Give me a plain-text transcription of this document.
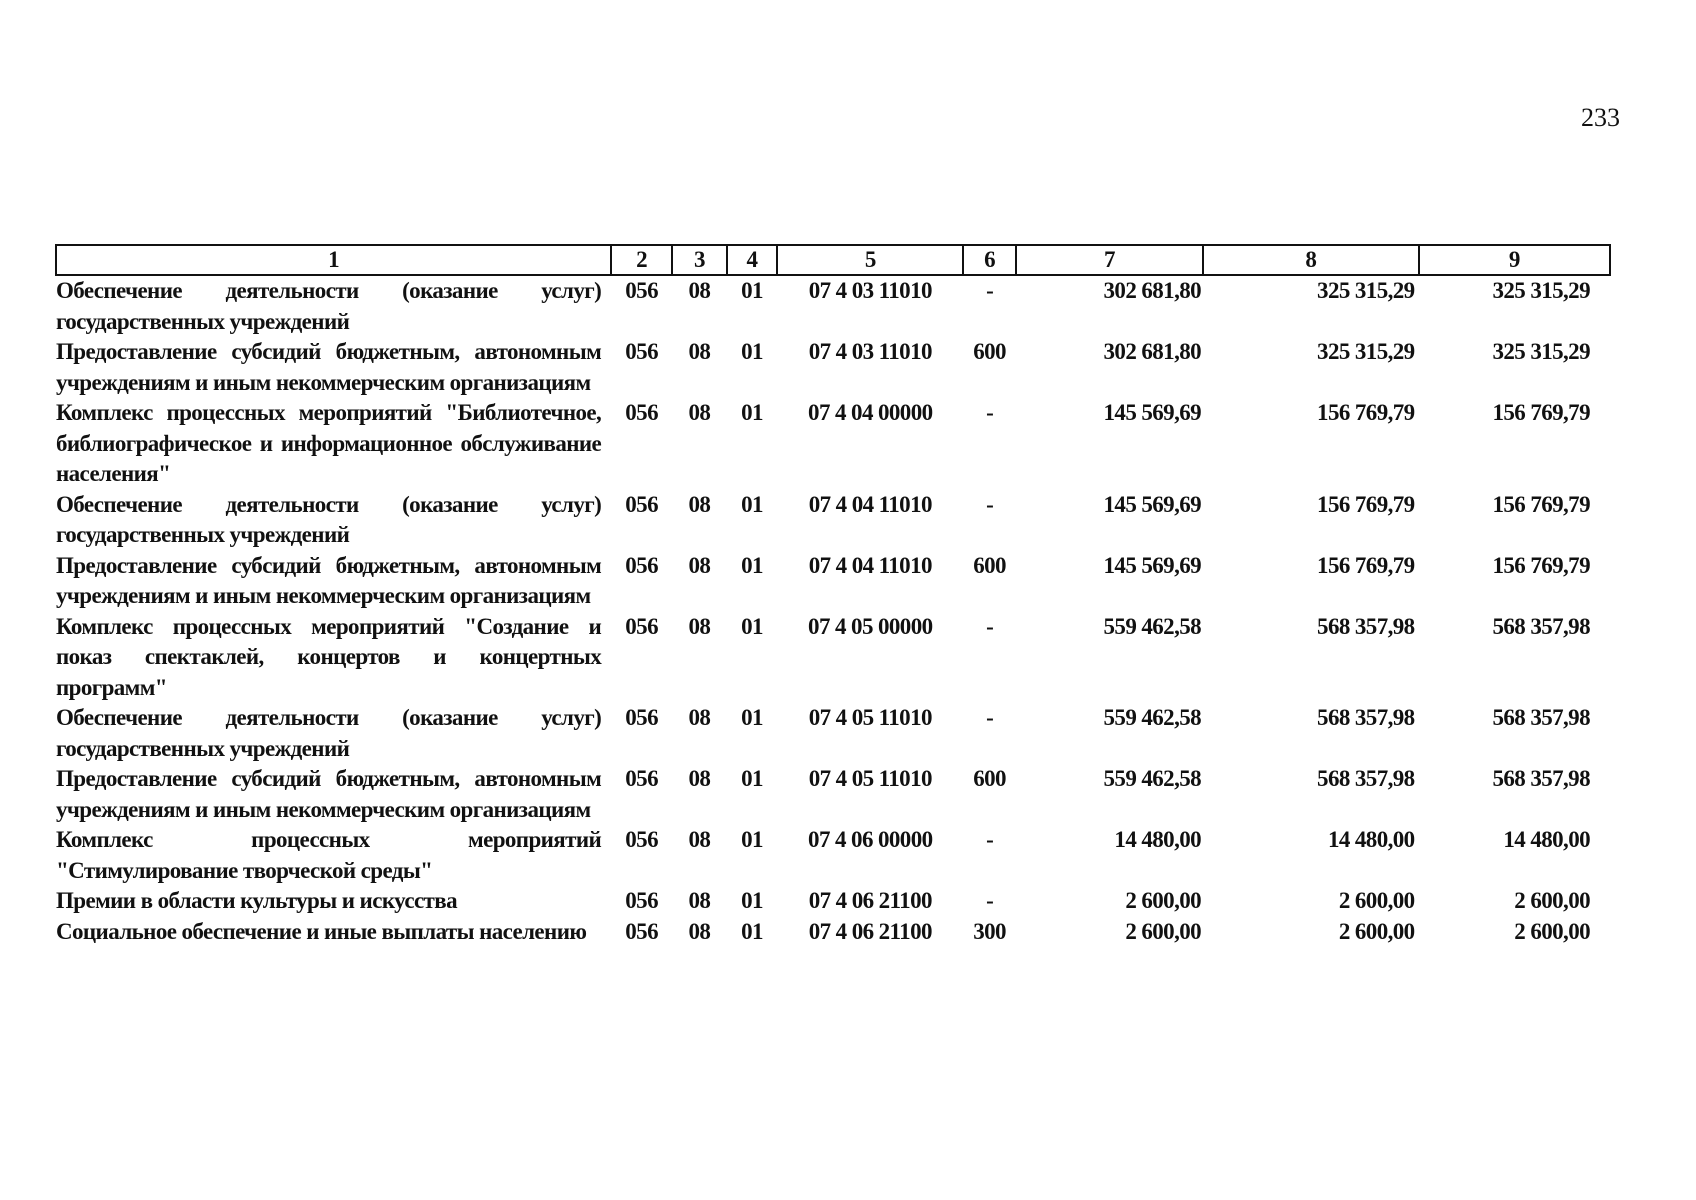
233
1	2	3	4	5	6	7	8	9
Обеспечение деятельности (оказание услуг) государственных учреждений	056	08	01	07 4 03 11010	-	302 681,80	325 315,29	325 315,29
Предоставление субсидий бюджетным, автономным учреждениям и иным некоммерческим организациям	056	08	01	07 4 03 11010	600	302 681,80	325 315,29	325 315,29
Комплекс процессных мероприятий "Библиотечное, библиографическое и информационное обслуживание населения"	056	08	01	07 4 04 00000	-	145 569,69	156 769,79	156 769,79
Обеспечение деятельности (оказание услуг) государственных учреждений	056	08	01	07 4 04 11010	-	145 569,69	156 769,79	156 769,79
Предоставление субсидий бюджетным, автономным учреждениям и иным некоммерческим организациям	056	08	01	07 4 04 11010	600	145 569,69	156 769,79	156 769,79
Комплекс процессных мероприятий "Создание и показ спектаклей, концертов и концертных программ"	056	08	01	07 4 05 00000	-	559 462,58	568 357,98	568 357,98
Обеспечение деятельности (оказание услуг) государственных учреждений	056	08	01	07 4 05 11010	-	559 462,58	568 357,98	568 357,98
Предоставление субсидий бюджетным, автономным учреждениям и иным некоммерческим организациям	056	08	01	07 4 05 11010	600	559 462,58	568 357,98	568 357,98
Комплекс процессных мероприятий "Стимулирование творческой среды"	056	08	01	07 4 06 00000	-	14 480,00	14 480,00	14 480,00
Премии в области культуры и искусства	056	08	01	07 4 06 21100	-	2 600,00	2 600,00	2 600,00
Социальное обеспечение и иные выплаты населению	056	08	01	07 4 06 21100	300	2 600,00	2 600,00	2 600,00
